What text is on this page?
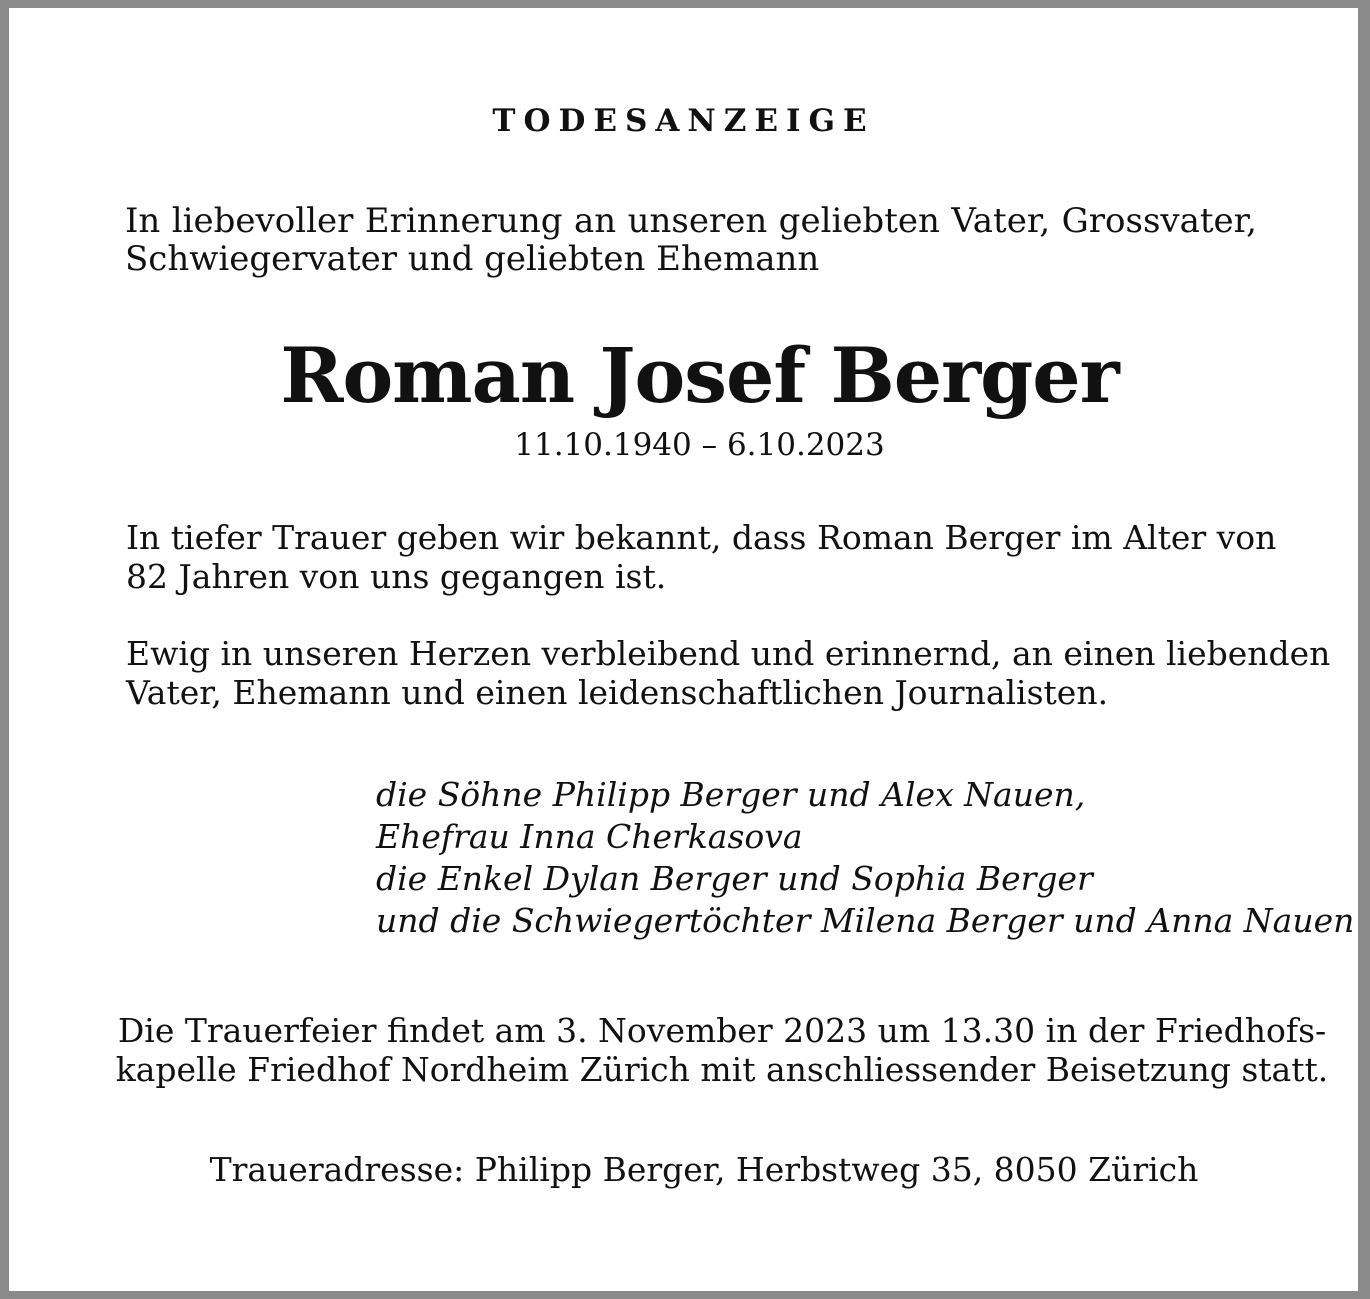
TODESANZEIGE
In liebevoller Erinnerung an unseren geliebten Vater, Grossvater,
Schwiegervater und geliebten Ehemann
Roman Josef Berger
11.10.1940 – 6.10.2023
In tiefer Trauer geben wir bekannt, dass Roman Berger im Alter von
82 Jahren von uns gegangen ist.
Ewig in unseren Herzen verbleibend und erinnernd, an einen liebenden
Vater, Ehemann und einen leidenschaftlichen Journalisten.
die Söhne Philipp Berger und Alex Nauen,
Ehefrau Inna Cherkasova
die Enkel Dylan Berger und Sophia Berger
und die Schwiegertöchter Milena Berger und Anna Nauen
Die Trauerfeier findet am 3. November 2023 um 13.30 in der Friedhofs-
kapelle Friedhof Nordheim Zürich mit anschliessender Beisetzung statt.
Traueradresse: Philipp Berger, Herbstweg 35, 8050 Zürich
